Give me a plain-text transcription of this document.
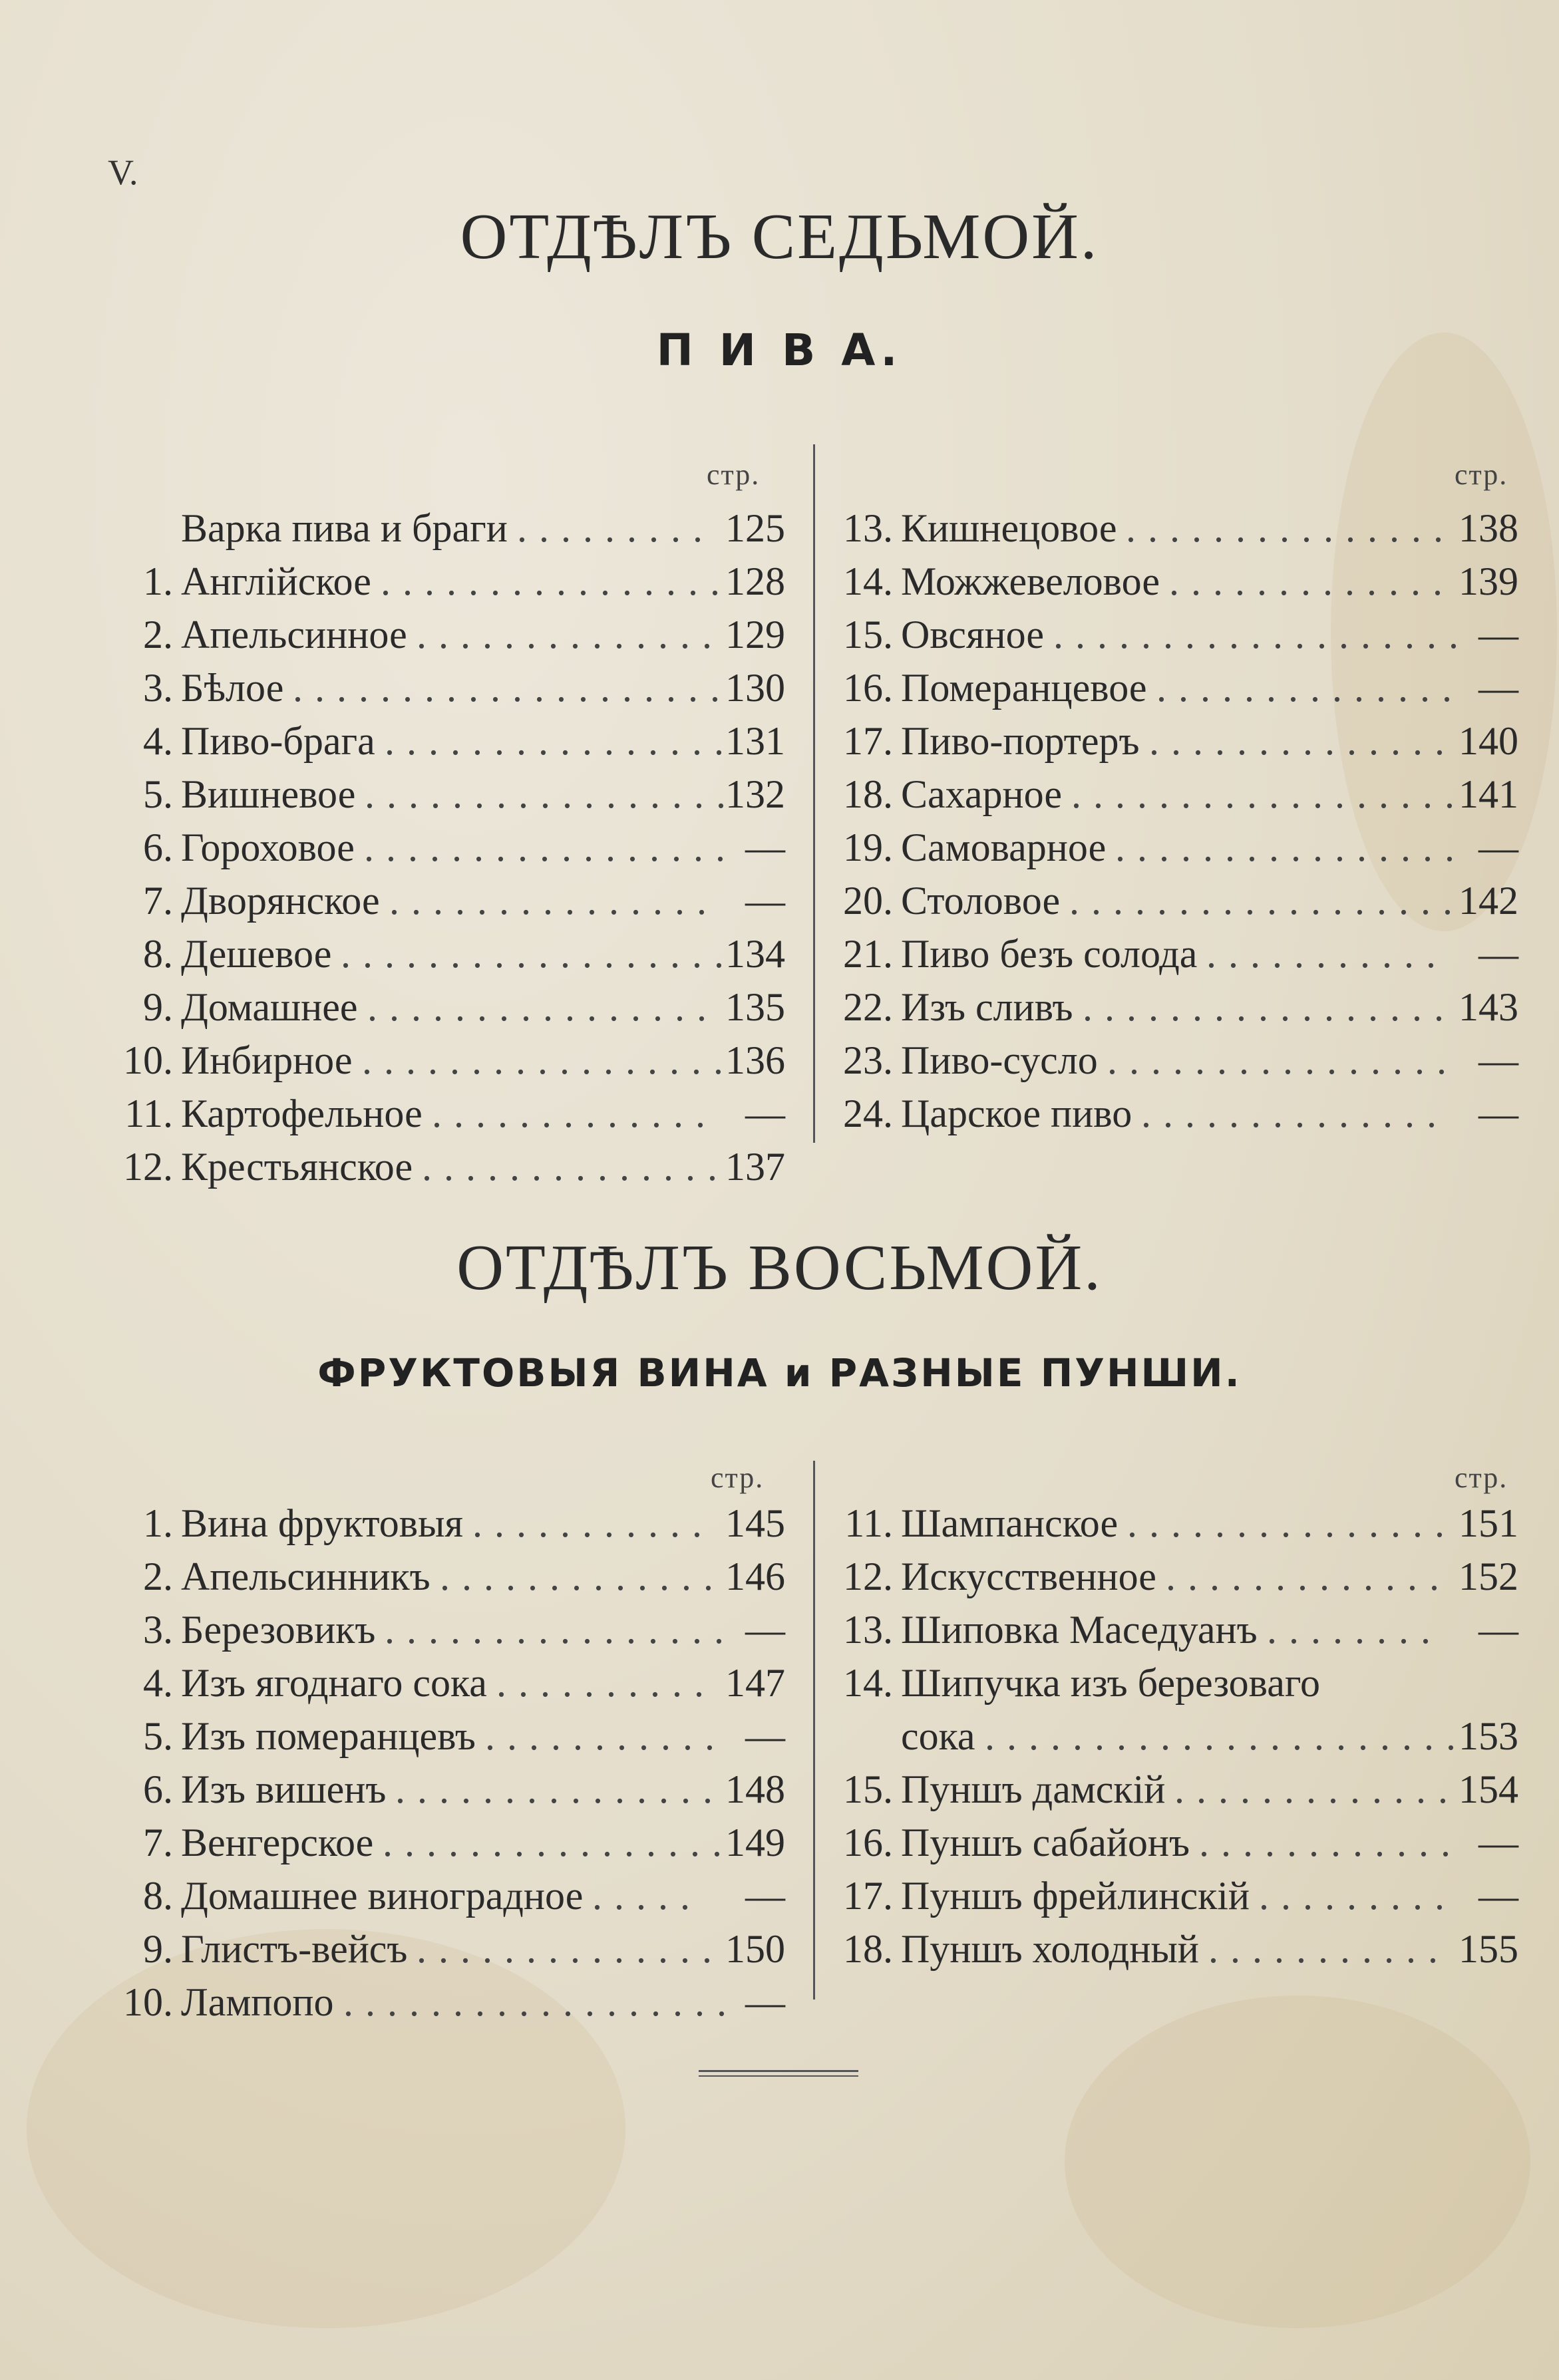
V.
ОТДѢЛЪ СЕДЬМОЙ.
П И В А.
стр.	стр.
Варка пива и браги	125
.........
1. Англійское	128
................
2. Апельсинное	129
..............
3. Бѣлое	130
....................
4. Пиво-брага	131
................
5. Вишневое	132
.................
6. Гороховое	—
.................
7. Дворянское	—
...............
8. Дешевое	134
..................
9. Домашнее	135
................
10. Инбирное	136
.................
11. Картофельное	—
.............
12. Крестьянское	137
..............
13. Кишнецовое	138
...............
14. Можжевеловое	139
.............
15. Овсяное	—
...................
16. Померанцевое	—
..............
17. Пиво-портеръ	140
..............
18. Сахарное	141
..................
19. Самоварное	—
................
20. Столовое	142
..................
21. Пиво безъ солода	—
...........
22. Изъ сливъ	143
.................
23. Пиво-сусло	—
................
24. Царское пиво	—
..............
ОТДѢЛЪ ВОСЬМОЙ.
ФРУКТОВЫЯ ВИНА и РАЗНЫЕ ПУНШИ.
стр.	стр.
1. Вина фруктовыя	145
...........
2. Апельсинникъ	146
.............
3. Березовикъ	—
................
4. Изъ ягоднаго сока	147
..........
5. Изъ померанцевъ	—
...........
6. Изъ вишенъ	148
...............
7. Венгерское	149
................
8. Домашнее виноградное	—
.....
9. Глистъ-вейсъ	150
..............
10. Лампопо	—
..................
11. Шампанское	151
...............
12. Искусственное	152
.............
13. Шиповка Маседуанъ	—
........
14. Шипучка изъ березоваго
сока	153
......................
15. Пуншъ дамскій	154
.............
16. Пуншъ сабайонъ	—
............
17. Пуншъ фрейлинскій	—
.........
18. Пуншъ холодный	155
...........
